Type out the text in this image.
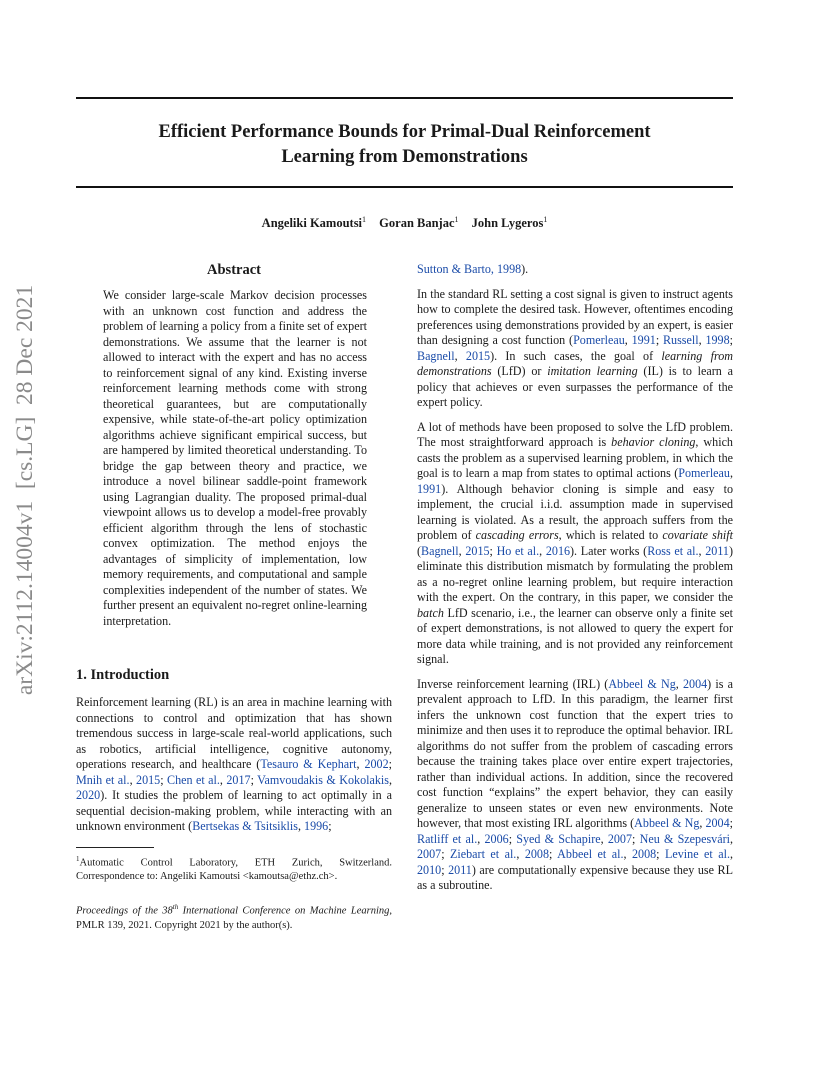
Efficient Performance Bounds for Primal-Dual Reinforcement
Learning from Demonstrations
Angeliki Kamoutsi$^1$ Goran Banjac$^1$ John Lygeros$^1$
arXiv:2112.14004v1  [cs.LG]  28 Dec 2021
Abstract

We consider large-scale Markov decision processes with an unknown cost function and address the problem of learning a policy from a finite set of expert demonstrations. We assume that the learner is not allowed to interact with the expert and has no access to reinforcement signal of any kind. Existing inverse reinforcement learning methods come with strong theoretical guarantees, but are computationally expensive, while state-of-the-art policy optimization algorithms achieve significant empirical success, but are hampered by limited theoretical understanding. To bridge the gap between theory and practice, we introduce a novel bilinear saddle-point framework using Lagrangian duality. The proposed primal-dual viewpoint allows us to develop a model-free provably efficient algorithm through the lens of stochastic convex optimization. The method enjoys the advantages of simplicity of implementation, low memory requirements, and computational and sample complexities independent of the number of states. We further present an equivalent no-regret online-learning interpretation.

1. Introduction

Reinforcement learning (RL) is an area in machine learning with connections to control and optimization that has shown tremendous success in large-scale real-world applications, such as robotics, artificial intelligence, cognitive autonomy, operations research, and healthcare (Tesauro & Kephart, 2002; Mnih et al., 2015; Chen et al., 2017; Vamvoudakis & Kokolakis, 2020). It studies the problem of learning to act optimally in a sequential decision-making problem, while interacting with an unknown environment (Bertsekas & Tsitsiklis, 1996;

$^1$Automatic Control Laboratory, ETH Zurich, Switzerland. Correspondence to: Angeliki Kamoutsi <kamoutsa@ethz.ch>.

Proceedings of the 38th International Conference on Machine Learning, PMLR 139, 2021. Copyright 2021 by the author(s).

Sutton & Barto, 1998).

In the standard RL setting a cost signal is given to instruct agents how to complete the desired task. However, oftentimes encoding preferences using demonstrations provided by an expert, is easier than designing a cost function (Pomerleau, 1991; Russell, 1998; Bagnell, 2015). In such cases, the goal of learning from demonstrations (LfD) or imitation learning (IL) is to learn a policy that achieves or even surpasses the performance of the expert policy.

A lot of methods have been proposed to solve the LfD problem. The most straightforward approach is behavior cloning, which casts the problem as a supervised learning problem, in which the goal is to learn a map from states to optimal actions (Pomerleau, 1991). Although behavior cloning is simple and easy to implement, the crucial i.i.d. assumption made in supervised learning is violated. As a result, the approach suffers from the problem of cascading errors, which is related to covariate shift (Bagnell, 2015; Ho et al., 2016). Later works (Ross et al., 2011) eliminate this distribution mismatch by formulating the problem as a no-regret online learning problem, but require interaction with the expert. On the contrary, in this paper, we consider the batch LfD scenario, i.e., the learner can observe only a finite set of expert demonstrations, is not allowed to query the expert for more data while training, and is not provided any reinforcement signal.

Inverse reinforcement learning (IRL) (Abbeel & Ng, 2004) is a prevalent approach to LfD. In this paradigm, the learner first infers the unknown cost function that the expert tries to minimize and then uses it to reproduce the optimal behavior. IRL algorithms do not suffer from the problem of cascading errors because the training takes place over entire expert trajectories, rather than individual actions. In addition, since the recovered cost function “explains” the expert behavior, they can easily generalize to unseen states or even new environments. Note however, that most existing IRL algorithms (Abbeel & Ng, 2004; Ratliff et al., 2006; Syed & Schapire, 2007; Neu & Szepesvári, 2007; Ziebart et al., 2008; Abbeel et al., 2008; Levine et al., 2010; 2011) are computationally expensive because they use RL as a subroutine.
